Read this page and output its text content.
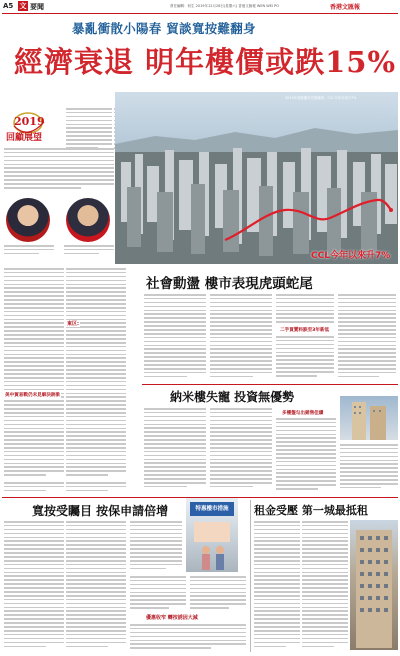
A5 文 要聞	責任編輯：何生 2019年12月28日(星期六) 香港文匯報 WEN WEI PO	香港文匯報
暴亂衝散小陽春 貿談寬按難翻身
經濟衰退 明年樓價或跌15%
2019
回顧展望
2019年香港樓市先揚後抑，CCL今年以來升7%
CCL今年以來升7%
社會動盪 樓市表現虎頭蛇尾
東区:
美中貿易戰仍未見解決跡象
二手買賣料跌至3年新低
納米樓失寵 投資無優勢
多樓盤勾出銷售佳績
寬按受矚目 按保申請倍增	特惠樓市措施
優惠收窄 轉按誘因大減
租金受壓 第一城最抵租
